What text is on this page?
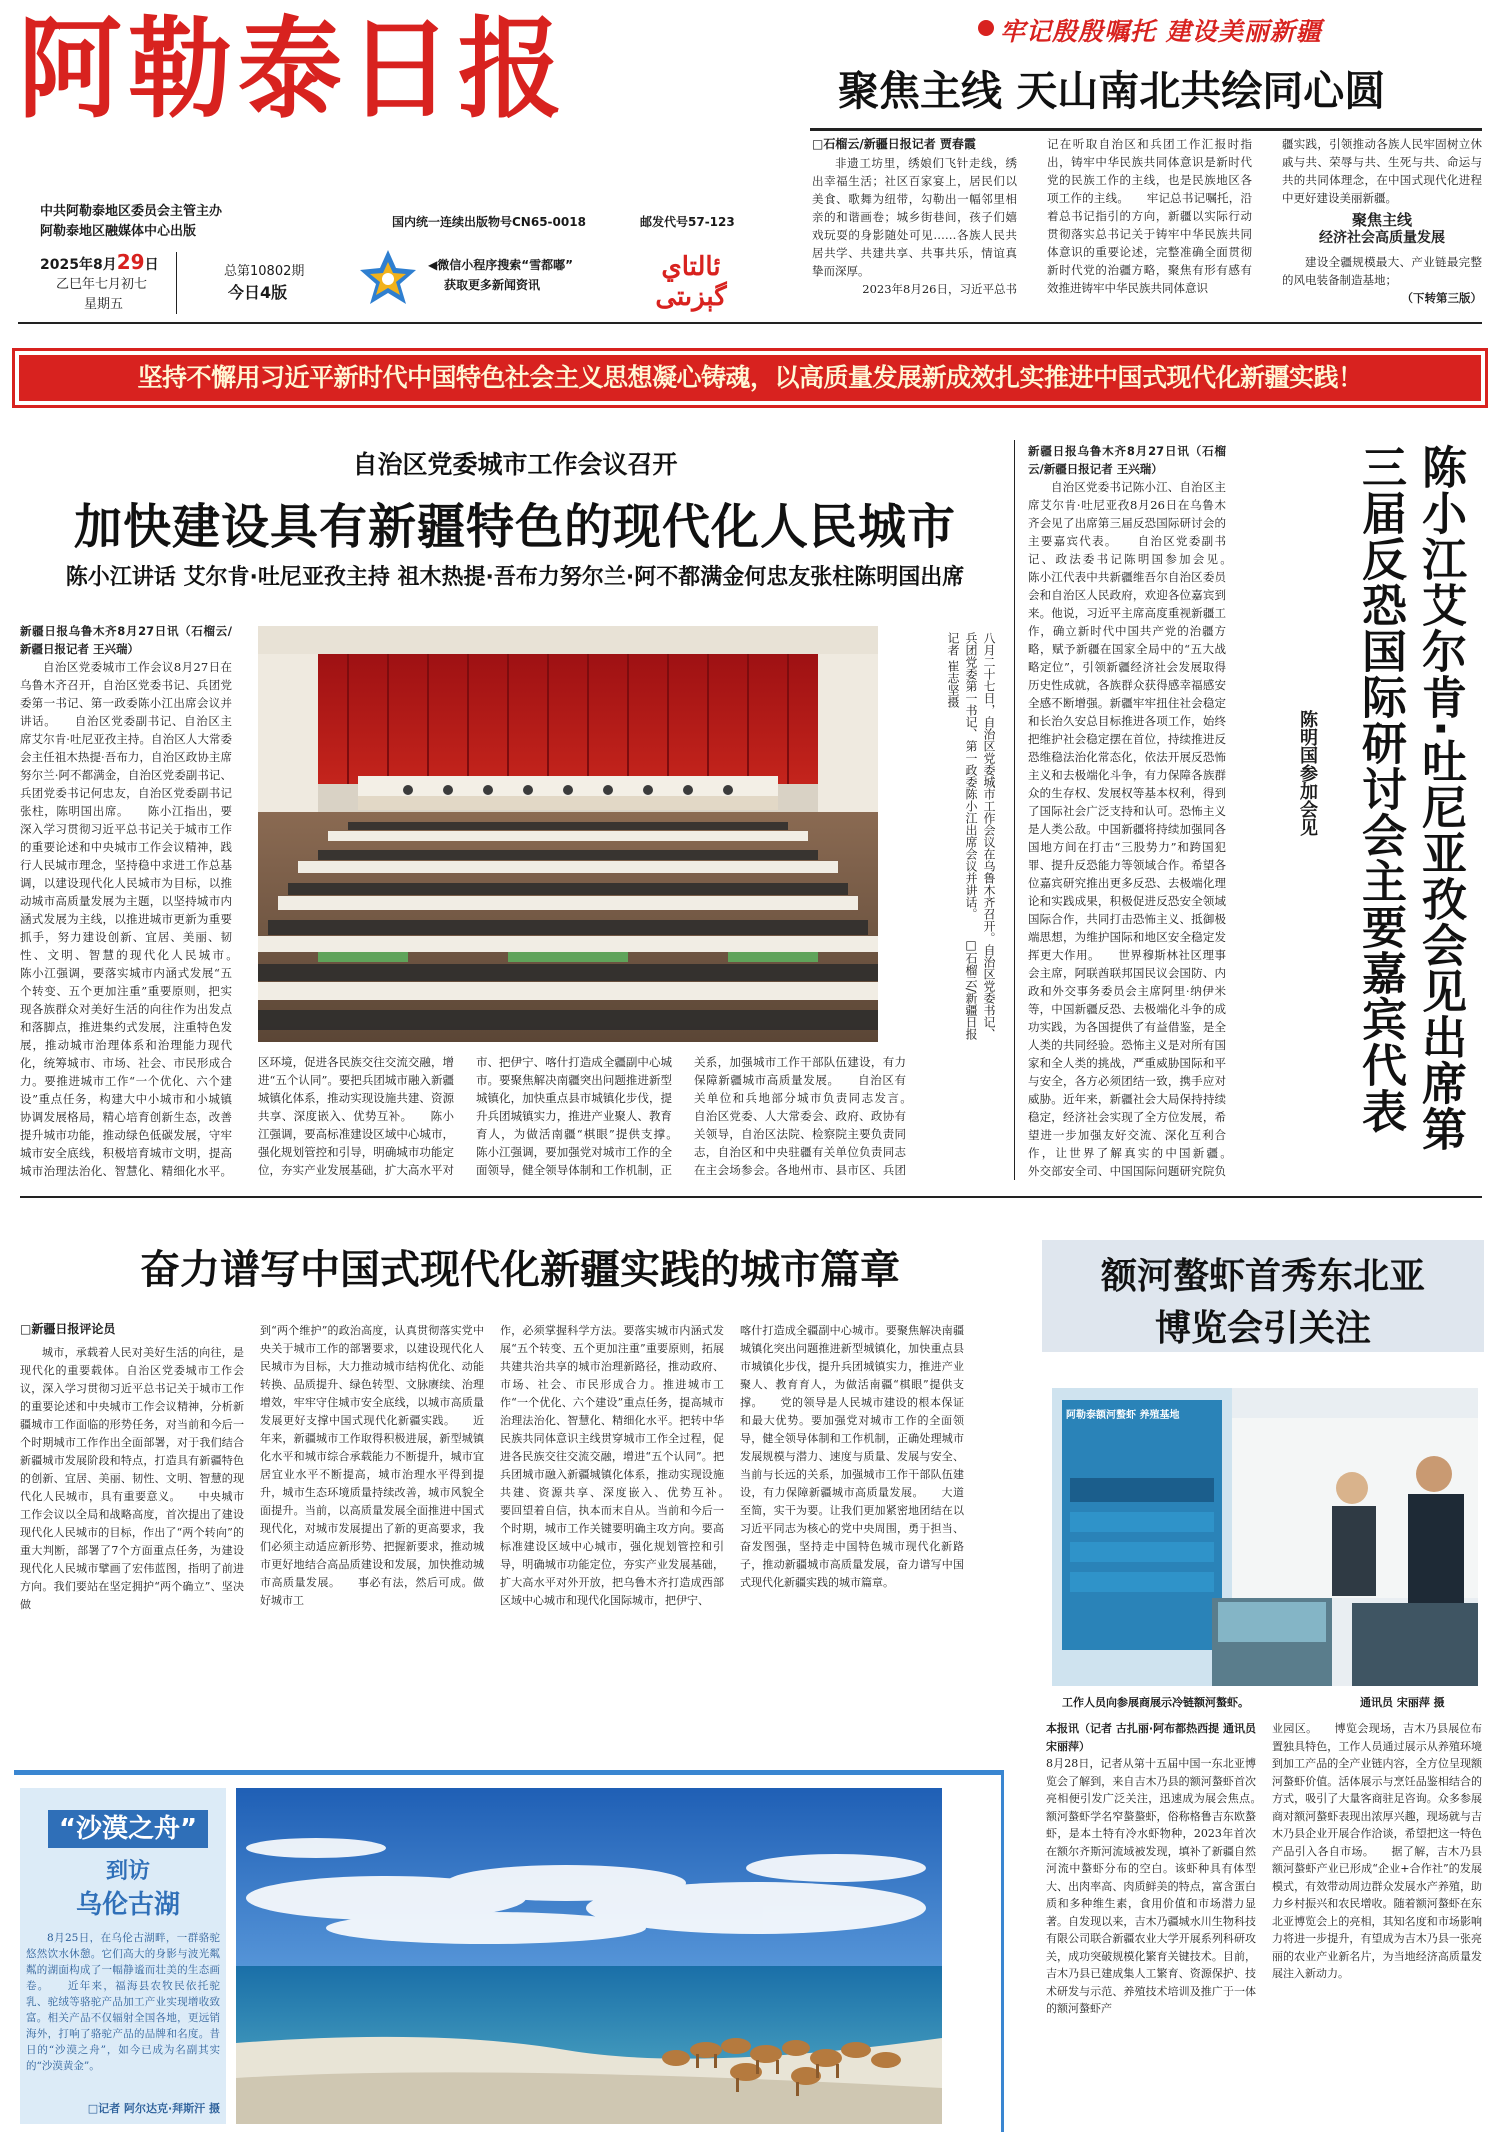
阿勒泰日报	牢记殷殷嘱托 建设美丽新疆
聚焦主线 天山南北共绘同心圆
中共阿勒泰地区委员会主管主办
阿勒泰地区融媒体中心出版
2025年8月29日
乙巳年七月初七
星期五
总第10802期
今日4版
国内统一连续出版物号CN65-0018	邮发代号57-123
◀微信小程序搜索“雪都嘟”
获取更多新闻资讯
ئالتاي گېزىتى
□石榴云/新疆日报记者 贾春霞

非遗工坊里，绣娘们飞针走线，绣出幸福生活；社区百家宴上，居民们以美食、歌舞为纽带，勾勒出一幅邻里相亲的和谐画卷；城乡街巷间，孩子们嬉戏玩耍的身影随处可见……各族人民共居共学、共建共享、共事共乐，情谊真挚而深厚。

2023年8月26日，习近平总书

记在听取自治区和兵团工作汇报时指出，铸牢中华民族共同体意识是新时代党的民族工作的主线，也是民族地区各项工作的主线。　　牢记总书记嘱托，沿着总书记指引的方向，新疆以实际行动贯彻落实总书记关于铸牢中华民族共同体意识的重要论述，完整准确全面贯彻新时代党的治疆方略，聚焦有形有感有效推进铸牢中华民族共同体意识

疆实践，引领推动各族人民牢固树立休戚与共、荣辱与共、生死与共、命运与共的共同体理念，在中国式现代化进程中更好建设美丽新疆。

聚焦主线
经济社会高质量发展

建设全疆规模最大、产业链最完整的风电装备制造基地；

（下转第三版）
坚持不懈用习近平新时代中国特色社会主义思想凝心铸魂，以高质量发展新成效扎实推进中国式现代化新疆实践！
自治区党委城市工作会议召开
加快建设具有新疆特色的现代化人民城市
陈小江讲话 艾尔肯·吐尼亚孜主持 祖木热提·吾布力努尔兰·阿不都满金何忠友张柱陈明国出席

新疆日报乌鲁木齐8月27日讯（石榴云/新疆日报记者 王兴瑞）

自治区党委城市工作会议8月27日在乌鲁木齐召开，自治区党委书记、兵团党委第一书记、第一政委陈小江出席会议并讲话。　　自治区党委副书记、自治区主席艾尔肯·吐尼亚孜主持。自治区人大常委会主任祖木热提·吾布力，自治区政协主席努尔兰·阿不都满金，自治区党委副书记、兵团党委书记何忠友，自治区党委副书记张柱，陈明国出席。　　陈小江指出，要深入学习贯彻习近平总书记关于城市工作的重要论述和中央城市工作会议精神，践行人民城市理念，坚持稳中求进工作总基调，以建设现代化人民城市为目标，以推动城市高质量发展为主题，以坚持城市内涵式发展为主线，以推进城市更新为重要抓手，努力建设创新、宜居、美丽、韧性、文明、智慧的现代化人民城市。　　陈小江强调，要落实城市内涵式发展“五个转变、五个更加注重”重要原则，把实现各族群众对美好生活的向往作为出发点和落脚点，推进集约式发展，注重特色发展，推动城市治理体系和治理能力现代化，统筹城市、市场、社会、市民形成合力。要推进城市工作“一个优化、六个建设”重点任务，构建大中小城市和小城镇协调发展格局，精心培育创新生态，改善提升城市功能，推动绿色低碳发展，守牢城市安全底线，积极培育城市文明，提高城市治理法治化、智慧化、精细化水平。

八月二十七日，自治区党委城市工作会议在乌鲁木齐召开。自治区党委书记、兵团党委第一书记、第一政委陈小江出席会议并讲话。　　□石榴云/新疆日报记者 崔志坚摄

区环境，促进各民族交往交流交融，增进“五个认同”。要把兵团城市融入新疆城镇化体系，推动实现设施共建、资源共享、深度嵌入、优势互补。　　陈小江强调，要高标准建设区域中心城市，强化规划管控和引导，明确城市功能定位，夯实产业发展基础，扩大高水平对

市、把伊宁、喀什打造成全疆副中心城市。要聚焦解决南疆突出问题推进新型城镇化，加快重点县市城镇化步伐，提升兵团城镇实力，推进产业聚人、教育育人，为做活南疆“棋眼”提供支撑。　　陈小江强调，要加强党对城市工作的全面领导，健全领导体制和工作机制，正

关系，加强城市工作干部队伍建设，有力保障新疆城市高质量发展。　　自治区有关单位和兵地部分城市负责同志发言。　　自治区党委、人大常委会、政府、政协有关领导，自治区法院、检察院主要负责同志，自治区和中央驻疆有关单位负责同志在主会场参会。各地州市、县市区、兵团

新疆日报乌鲁木齐8月27日讯（石榴云/新疆日报记者 王兴瑞）

自治区党委书记陈小江、自治区主席艾尔肯·吐尼亚孜8月26日在乌鲁木齐会见了出席第三届反恐国际研讨会的主要嘉宾代表。　　自治区党委副书记、政法委书记陈明国参加会见。　　陈小江代表中共新疆维吾尔自治区委员会和自治区人民政府，欢迎各位嘉宾到来。他说，习近平主席高度重视新疆工作，确立新时代中国共产党的治疆方略，赋予新疆在国家全局中的“五大战略定位”，引领新疆经济社会发展取得历史性成就，各族群众获得感幸福感安全感不断增强。新疆牢牢扭住社会稳定和长治久安总目标推进各项工作，始终把维护社会稳定摆在首位，持续推进反恐维稳法治化常态化，依法开展反恐怖主义和去极端化斗争，有力保障各族群众的生存权、发展权等基本权利，得到了国际社会广泛支持和认可。恐怖主义是人类公敌。中国新疆将持续加强同各国地方间在打击“三股势力”和跨国犯罪、提升反恐能力等领域合作。希望各位嘉宾研究推出更多反恐、去极端化理论和实践成果，积极促进反恐安全领域国际合作，共同打击恐怖主义、抵御极端思想，为维护国际和地区安全稳定发挥更大作用。　　世界穆斯林社区理事会主席，阿联酋联邦国民议会国防、内政和外交事务委员会主席阿里·纳伊米等，中国新疆反恐、去极端化斗争的成功实践，为各国提供了有益借鉴，是全人类的共同经验。恐怖主义是对所有国家和全人类的挑战，严重威胁国际和平与安全，各方必须团结一致，携手应对威胁。近年来，新疆社会大局保持持续稳定，经济社会实现了全方位发展，希望进一步加强友好交流、深化互利合作，让世界了解真实的中国新疆。　　外交部安全司、中国国际问题研究院负　　　　

陈小江艾尔肯·吐尼亚孜会见出席第三届反恐国际研讨会主要嘉宾代表
陈明国参加会见
奋力谱写中国式现代化新疆实践的城市篇章
□新疆日报评论员

城市，承载着人民对美好生活的向往，是现代化的重要载体。自治区党委城市工作会议，深入学习贯彻习近平总书记关于城市工作的重要论述和中央城市工作会议精神，分析新疆城市工作面临的形势任务，对当前和今后一个时期城市工作作出全面部署，对于我们结合新疆城市发展阶段和特点，打造具有新疆特色的创新、宜居、美丽、韧性、文明、智慧的现代化人民城市，具有重要意义。　　中央城市工作会议以全局和战略高度，首次提出了建设现代化人民城市的目标，作出了“两个转向”的重大判断，部署了7个方面重点任务，为建设现代化人民城市擘画了宏伟蓝图，指明了前进方向。我们要站在坚定拥护“两个确立”、坚决做

到“两个维护”的政治高度，认真贯彻落实党中央关于城市工作的部署要求，以建设现代化人民城市为目标，大力推动城市结构优化、动能转换、品质提升、绿色转型、文脉赓续、治理增效，牢牢守住城市安全底线，以城市高质量发展更好支撑中国式现代化新疆实践。　　近年来，新疆城市工作取得积极进展，新型城镇化水平和城市综合承载能力不断提升，城市宜居宜业水平不断提高，城市治理水平得到提升，城市生态环境质量持续改善，城市风貌全面提升。当前，以高质量发展全面推进中国式现代化，对城市发展提出了新的更高要求，我们必须主动适应新形势、把握新要求，推动城市更好地结合高品质建设和发展，加快推动城市高质量发展。　　事必有法，然后可成。做好城市工

作，必须掌握科学方法。要落实城市内涵式发展“五个转变、五个更加注重”重要原则，拓展共建共治共享的城市治理新路径，推动政府、市场、社会、市民形成合力。推进城市工作“一个优化、六个建设”重点任务，提高城市治理法治化、智慧化、精细化水平。把转中华民族共同体意识主线贯穿城市工作全过程，促进各民族交往交流交融，增进“五个认同”。把兵团城市融入新疆城镇化体系，推动实现设施共建、资源共享、深度嵌入、优势互补。　　要回望着自信，执本而末自从。当前和今后一个时期，城市工作关键要明确主攻方向。要高标准建设区域中心城市，强化规划管控和引导，明确城市功能定位，夯实产业发展基础，扩大高水平对外开放，把乌鲁木齐打造成西部区域中心城市和现代化国际城市，把伊宁、

喀什打造成全疆副中心城市。要聚焦解决南疆城镇化突出问题推进新型城镇化，加快重点县市城镇化步伐，提升兵团城镇实力，推进产业聚人、教育育人，为做活南疆“棋眼”提供支撑。　　党的领导是人民城市建设的根本保证和最大优势。要加强党对城市工作的全面领导，健全领导体制和工作机制，正确处理城市发展规模与潜力、速度与质量、发展与安全、当前与长远的关系，加强城市工作干部队伍建设，有力保障新疆城市高质量发展。　　大道至简，实干为要。让我们更加紧密地团结在以习近平同志为核心的党中央周围，勇于担当、奋发图强，坚持走中国特色城市现代化新路子，推动新疆城市高质量发展，奋力谱写中国式现代化新疆实践的城市篇章。

“沙漠之舟”
到访
乌伦古湖

8月25日，在乌伦古湖畔，一群骆驼悠然饮水休憩。它们高大的身影与波光粼粼的湖面构成了一幅静谧而壮美的生态画卷。　　近年来，福海县农牧民依托驼乳、驼绒等骆驼产品加工产业实现增收致富。相关产品不仅辐射全国各地，更远销海外，打响了骆驼产品的品牌和名度。昔日的“沙漠之舟”，如今已成为名副其实的“沙漠黄金”。

□记者 阿尔达克·拜斯汗 摄
额河螯虾首秀东北亚
博览会引关注
阿勒泰额河螯虾 养殖基地
工作人员向参展商展示冷链额河螯虾。	通讯员 宋丽萍 摄

本报讯（记者 古扎丽·阿布都热西提 通讯员 宋丽萍）

8月28日，记者从第十五届中国一东北亚博览会了解到，来自吉木乃县的额河螯虾首次亮相便引发广泛关注，迅速成为展会焦点。　　额河螯虾学名窄螯螯虾，俗称格鲁吉东欧螯虾，是本土特有冷水虾物种，2023年首次在额尔齐斯河流域被发现，填补了新疆自然河流中螯虾分布的空白。该虾种具有体型大、出肉率高、肉质鲜美的特点，富含蛋白质和多种维生素，食用价值和市场潜力显著。自发现以来，吉木乃疆城水川生物科技有限公司联合新疆农业大学开展系列科研攻关，成功突破规模化繁育关键技术。目前，吉木乃县已建成集人工繁育、资源保护、技术研发与示范、养殖技术培训及推广于一体的额河螯虾产

业园区。　　博览会现场，吉木乃县展位布置独具特色，工作人员通过展示从养殖环境到加工产品的全产业链内容，全方位呈现额河螯虾价值。活体展示与烹饪品鉴相结合的方式，吸引了大量客商驻足咨询。众多参展商对额河螯虾表现出浓厚兴趣，现场就与吉木乃县企业开展合作洽谈，希望把这一特色产品引入各自市场。　　据了解，吉木乃县额河螯虾产业已形成“企业+合作社”的发展模式，有效带动周边群众发展水产养殖，助力乡村振兴和农民增收。随着额河螯虾在东北亚博览会上的亮相，其知名度和市场影响力将进一步提升，有望成为吉木乃县一张亮丽的农业产业新名片，为当地经济高质量发展注入新动力。
